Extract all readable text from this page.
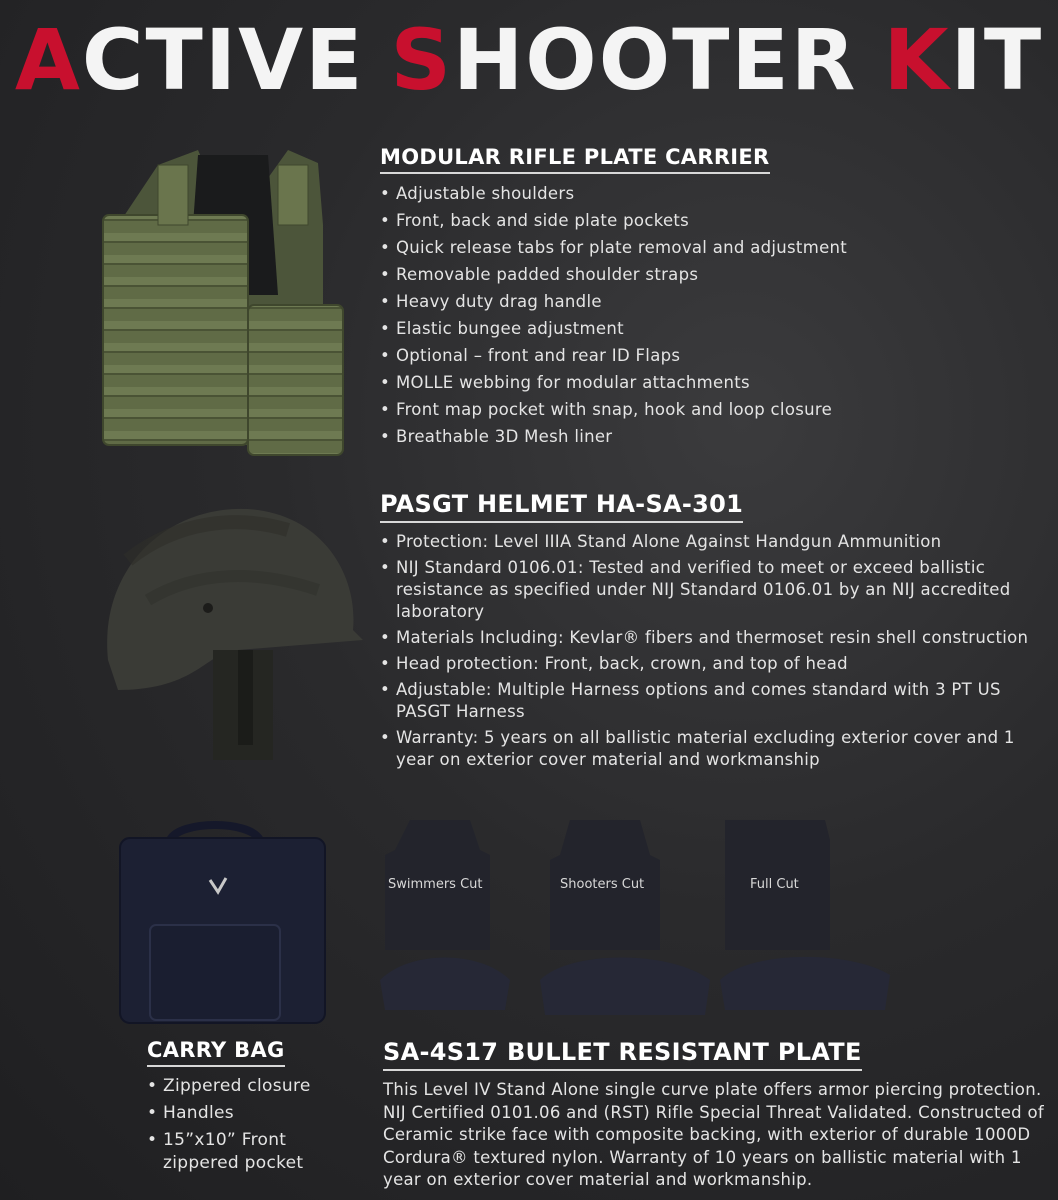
ACTIVE SHOOTER KIT
MODULAR RIFLE PLATE CARRIER
• Adjustable shoulders
• Front, back and side plate pockets
• Quick release tabs for plate removal and adjustment
• Removable padded shoulder straps
• Heavy duty drag handle
• Elastic bungee adjustment
• Optional – front and rear ID Flaps
• MOLLE webbing for modular attachments
• Front map pocket with snap, hook and loop closure
• Breathable 3D Mesh liner
PASGT HELMET HA-SA-301
• Protection: Level IIIA Stand Alone Against Handgun Ammunition
• NIJ Standard 0106.01: Tested and verified to meet or exceed ballistic resistance as specified under NIJ Standard 0106.01 by an NIJ accredited laboratory
• Materials Including: Kevlar® fibers and thermoset resin shell construction
• Head protection: Front, back, crown, and top of head
• Adjustable: Multiple Harness options and comes standard with 3 PT US PASGT Harness
• Warranty: 5 years on all ballistic material excluding exterior cover and 1 year on exterior cover material and workmanship
Swimmers Cut	Shooters Cut	Full Cut
CARRY BAG
• Zippered closure
• Handles
• 15”x10” Front zippered pocket
SA-4S17 BULLET RESISTANT PLATE
This Level IV Stand Alone single curve plate offers armor piercing protection. NIJ Certified 0101.06 and (RST) Rifle Special Threat Validated. Constructed of Ceramic strike face with composite backing, with exterior of durable 1000D Cordura® textured nylon. Warranty of 10 years on ballistic material with 1 year on exterior cover material and workmanship.
